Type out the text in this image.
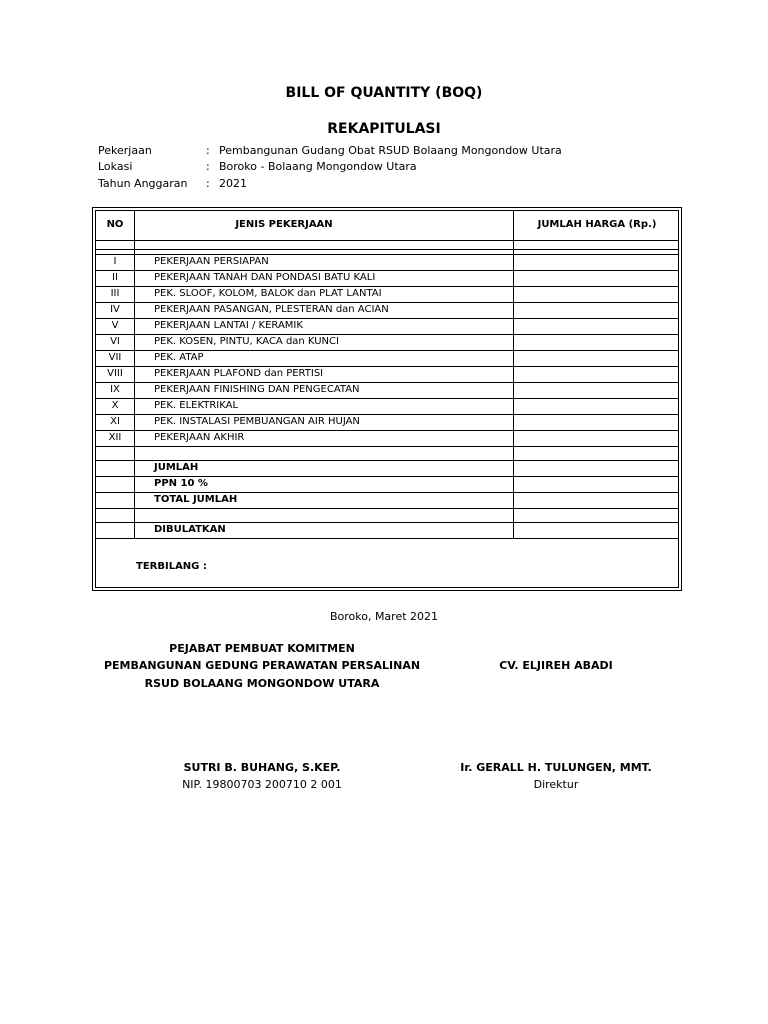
BILL OF QUANTITY (BOQ)
REKAPITULASI
Pekerjaan	: Pembangunan Gudang Obat RSUD Bolaang Mongondow Utara
Lokasi	: Boroko - Bolaang Mongondow Utara
Tahun Anggaran : 2021
NO	JENIS PEKERJAAN	JUMLAH HARGA (Rp.)
I	PEKERJAAN PERSIAPAN
II	PEKERJAAN TANAH DAN PONDASI BATU KALI
III	PEK. SLOOF, KOLOM, BALOK dan PLAT LANTAI
IV	PEKERJAAN PASANGAN, PLESTERAN dan ACIAN
V	PEKERJAAN LANTAI / KERAMIK
VI	PEK. KOSEN, PINTU, KACA dan KUNCI
VII	PEK. ATAP
VIII	PEKERJAAN PLAFOND dan PERTISI
IX	PEKERJAAN FINISHING DAN PENGECATAN
X	PEK. ELEKTRIKAL
XI	PEK. INSTALASI PEMBUANGAN AIR HUJAN
XII	PEKERJAAN AKHIR
JUMLAH
PPN 10 %
TOTAL JUMLAH
DIBULATKAN
TERBILANG :
Boroko, Maret 2021
PEJABAT PEMBUAT KOMITMEN
PEMBANGUNAN GEDUNG PERAWATAN PERSALINAN
RSUD BOLAANG MONGONDOW UTARA
CV. ELJIREH ABADI
SUTRI B. BUHANG, S.KEP.
NIP. 19800703 200710 2 001
Ir. GERALL H. TULUNGEN, MMT.
Direktur
